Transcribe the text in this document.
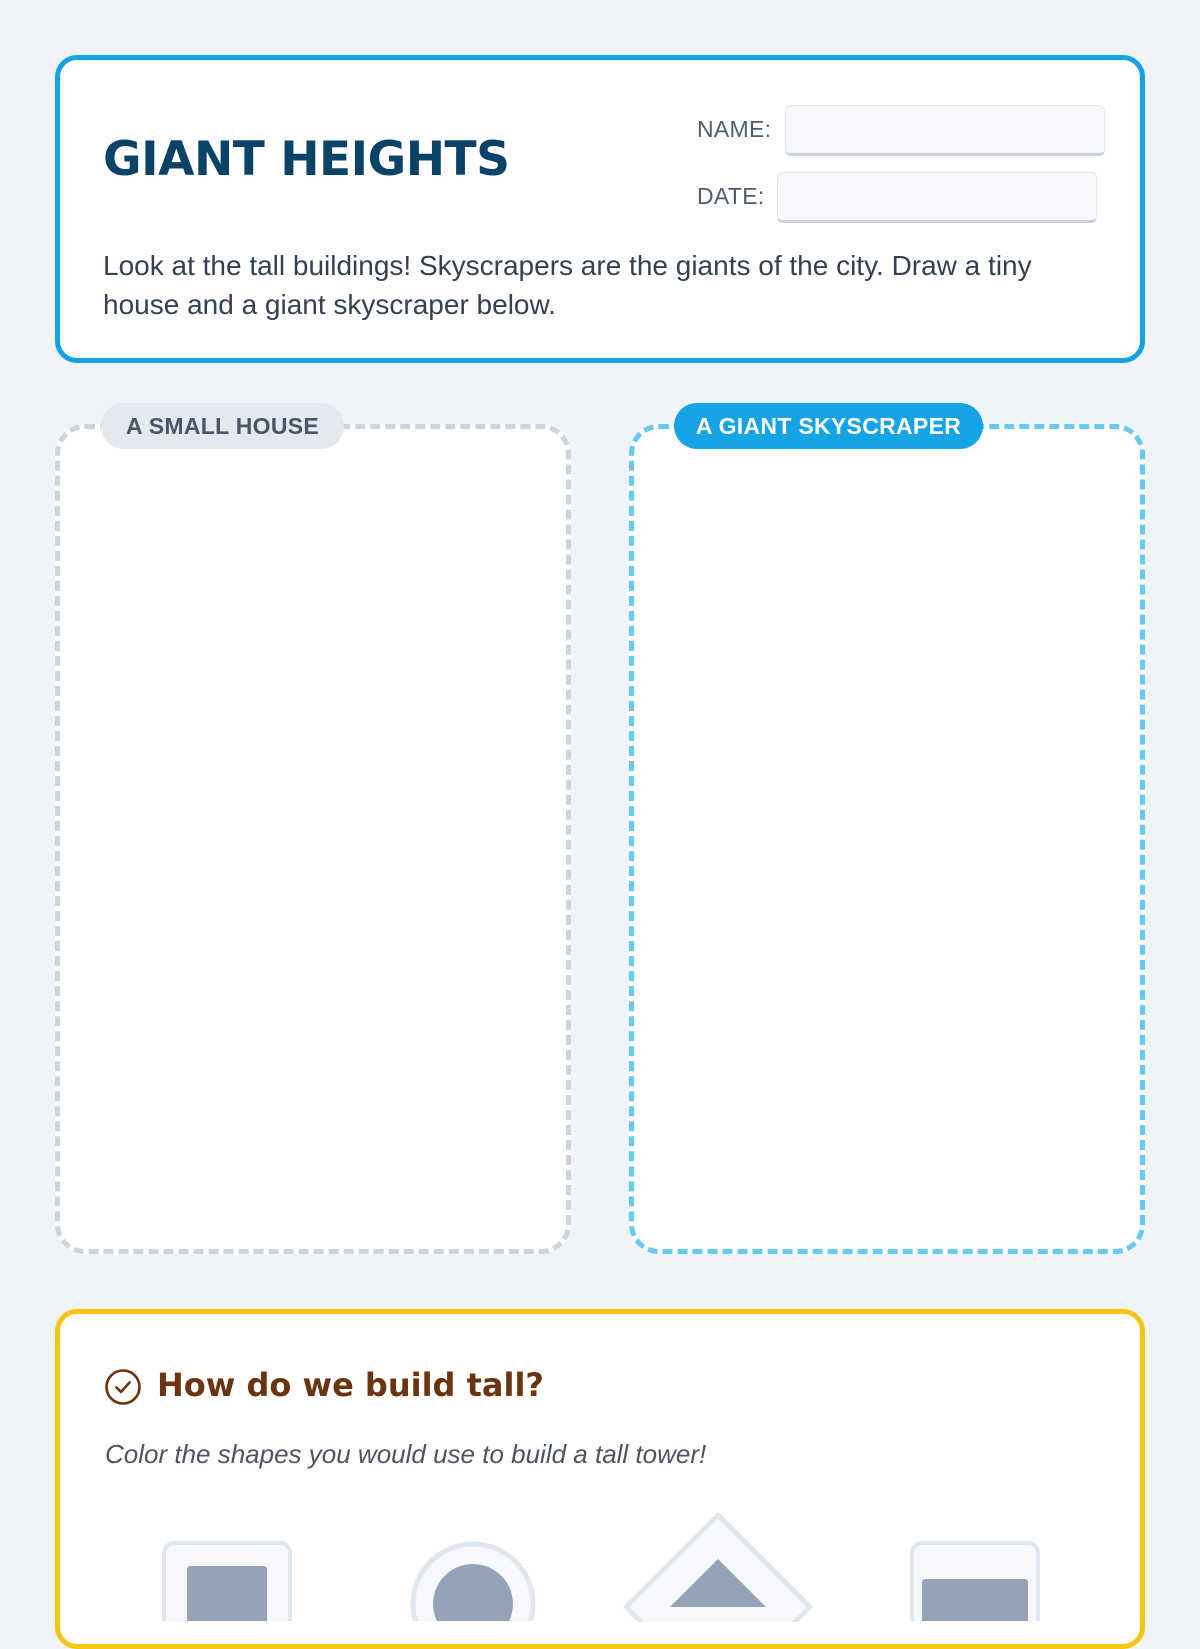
GIANT HEIGHTS
NAME:
DATE:

Look at the tall buildings! Skyscrapers are the giants of the city. Draw a tiny house and a giant skyscraper below.

A SMALL HOUSE	A GIANT SKYSCRAPER
How do we build tall?

Color the shapes you would use to build a tall tower!
